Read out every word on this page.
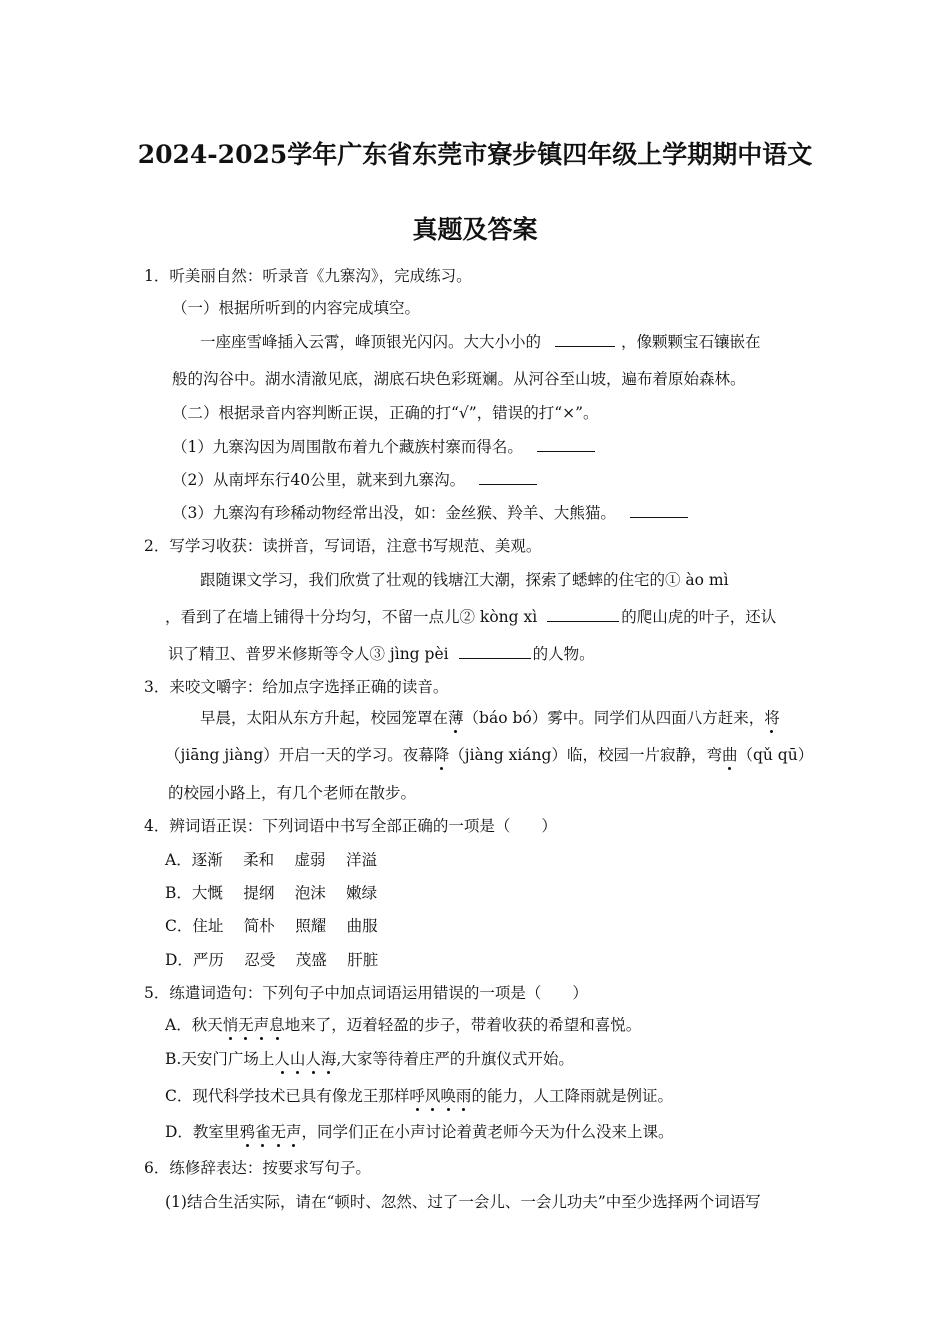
2024-2025学年广东省东莞市寮步镇四年级上学期期中语文
真题及答案
1．听美丽自然：听录音《九寨沟》，完成练习。
（一）根据所听到的内容完成填空。
一座座雪峰插入云霄，峰顶银光闪闪。大大小小的	，像颗颗宝石镶嵌在
般的沟谷中。湖水清澈见底，湖底石块色彩斑斓。从河谷至山坡，遍布着原始森林。
（二）根据录音内容判断正误，正确的打“√”，错误的打“×”。
（1）九寨沟因为周围散布着九个藏族村寨而得名。
（2）从南坪东行40公里，就来到九寨沟。
（3）九寨沟有珍稀动物经常出没，如：金丝猴、羚羊、大熊猫。
2．写学习收获：读拼音，写词语，注意书写规范、美观。
跟随课文学习，我们欣赏了壮观的钱塘江大潮，探索了蟋蟀的住宅的① ào mì
，看到了在墙上铺得十分均匀，不留一点儿② kòng xì	的爬山虎的叶子，还认
识了精卫、普罗米修斯等令人③ jìng pèi	的人物。
3．来咬文嚼字：给加点字选择正确的读音。
早晨，太阳从东方升起，校园笼罩在薄（báo bó）雾中。同学们从四面八方赶来，将
（jiāng jiàng）开启一天的学习。夜幕降（jiàng xiáng）临，校园一片寂静，弯曲（qǔ qū）
的校园小路上，有几个老师在散步。
4．辨词语正误：下列词语中书写全部正确的一项是（　　）
A．逐渐　 柔和　 虚弱　 洋溢
B．大慨　 提纲　 泡沫　 嫩绿
C．住址　 简朴　 照耀　 曲服
D．严历　 忍受　 茂盛　 肝脏
5．练遣词造句：下列句子中加点词语运用错误的一项是（　　）
A．秋天悄无声息地来了，迈着轻盈的步子，带着收获的希望和喜悦。
B.天安门广场上人山人海,大家等待着庄严的升旗仪式开始。
C．现代科学技术已具有像龙王那样呼风唤雨的能力，人工降雨就是例证。
D．教室里鸦雀无声，同学们正在小声讨论着黄老师今天为什么没来上课。
6．练修辞表达：按要求写句子。
(1)结合生活实际，请在“顿时、忽然、过了一会儿、一会儿功夫”中至少选择两个词语写
